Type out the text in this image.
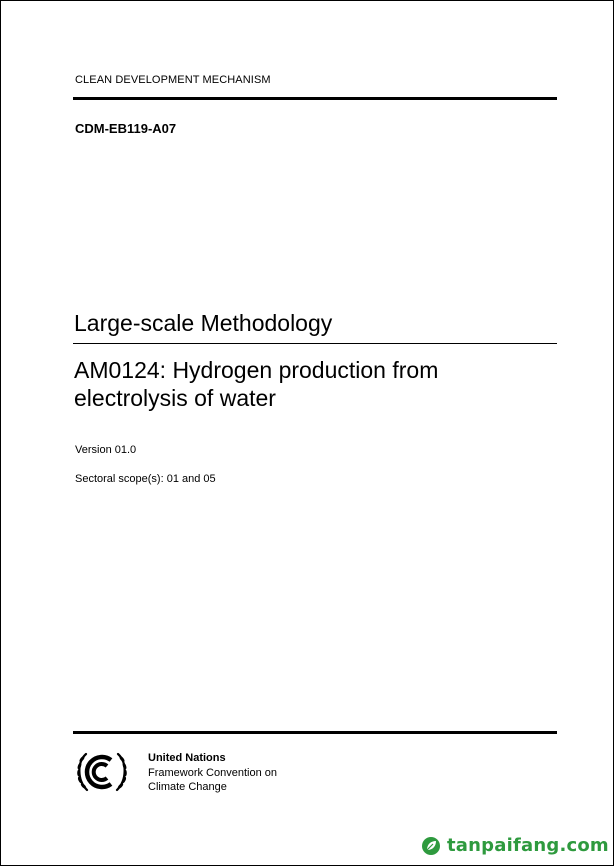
CLEAN DEVELOPMENT MECHANISM
CDM-EB119-A07
Large-scale Methodology
AM0124: Hydrogen production from electrolysis of water
Version 01.0
Sectoral scope(s): 01 and 05
United Nations
Framework Convention on
Climate Change
tanpaifang.com
